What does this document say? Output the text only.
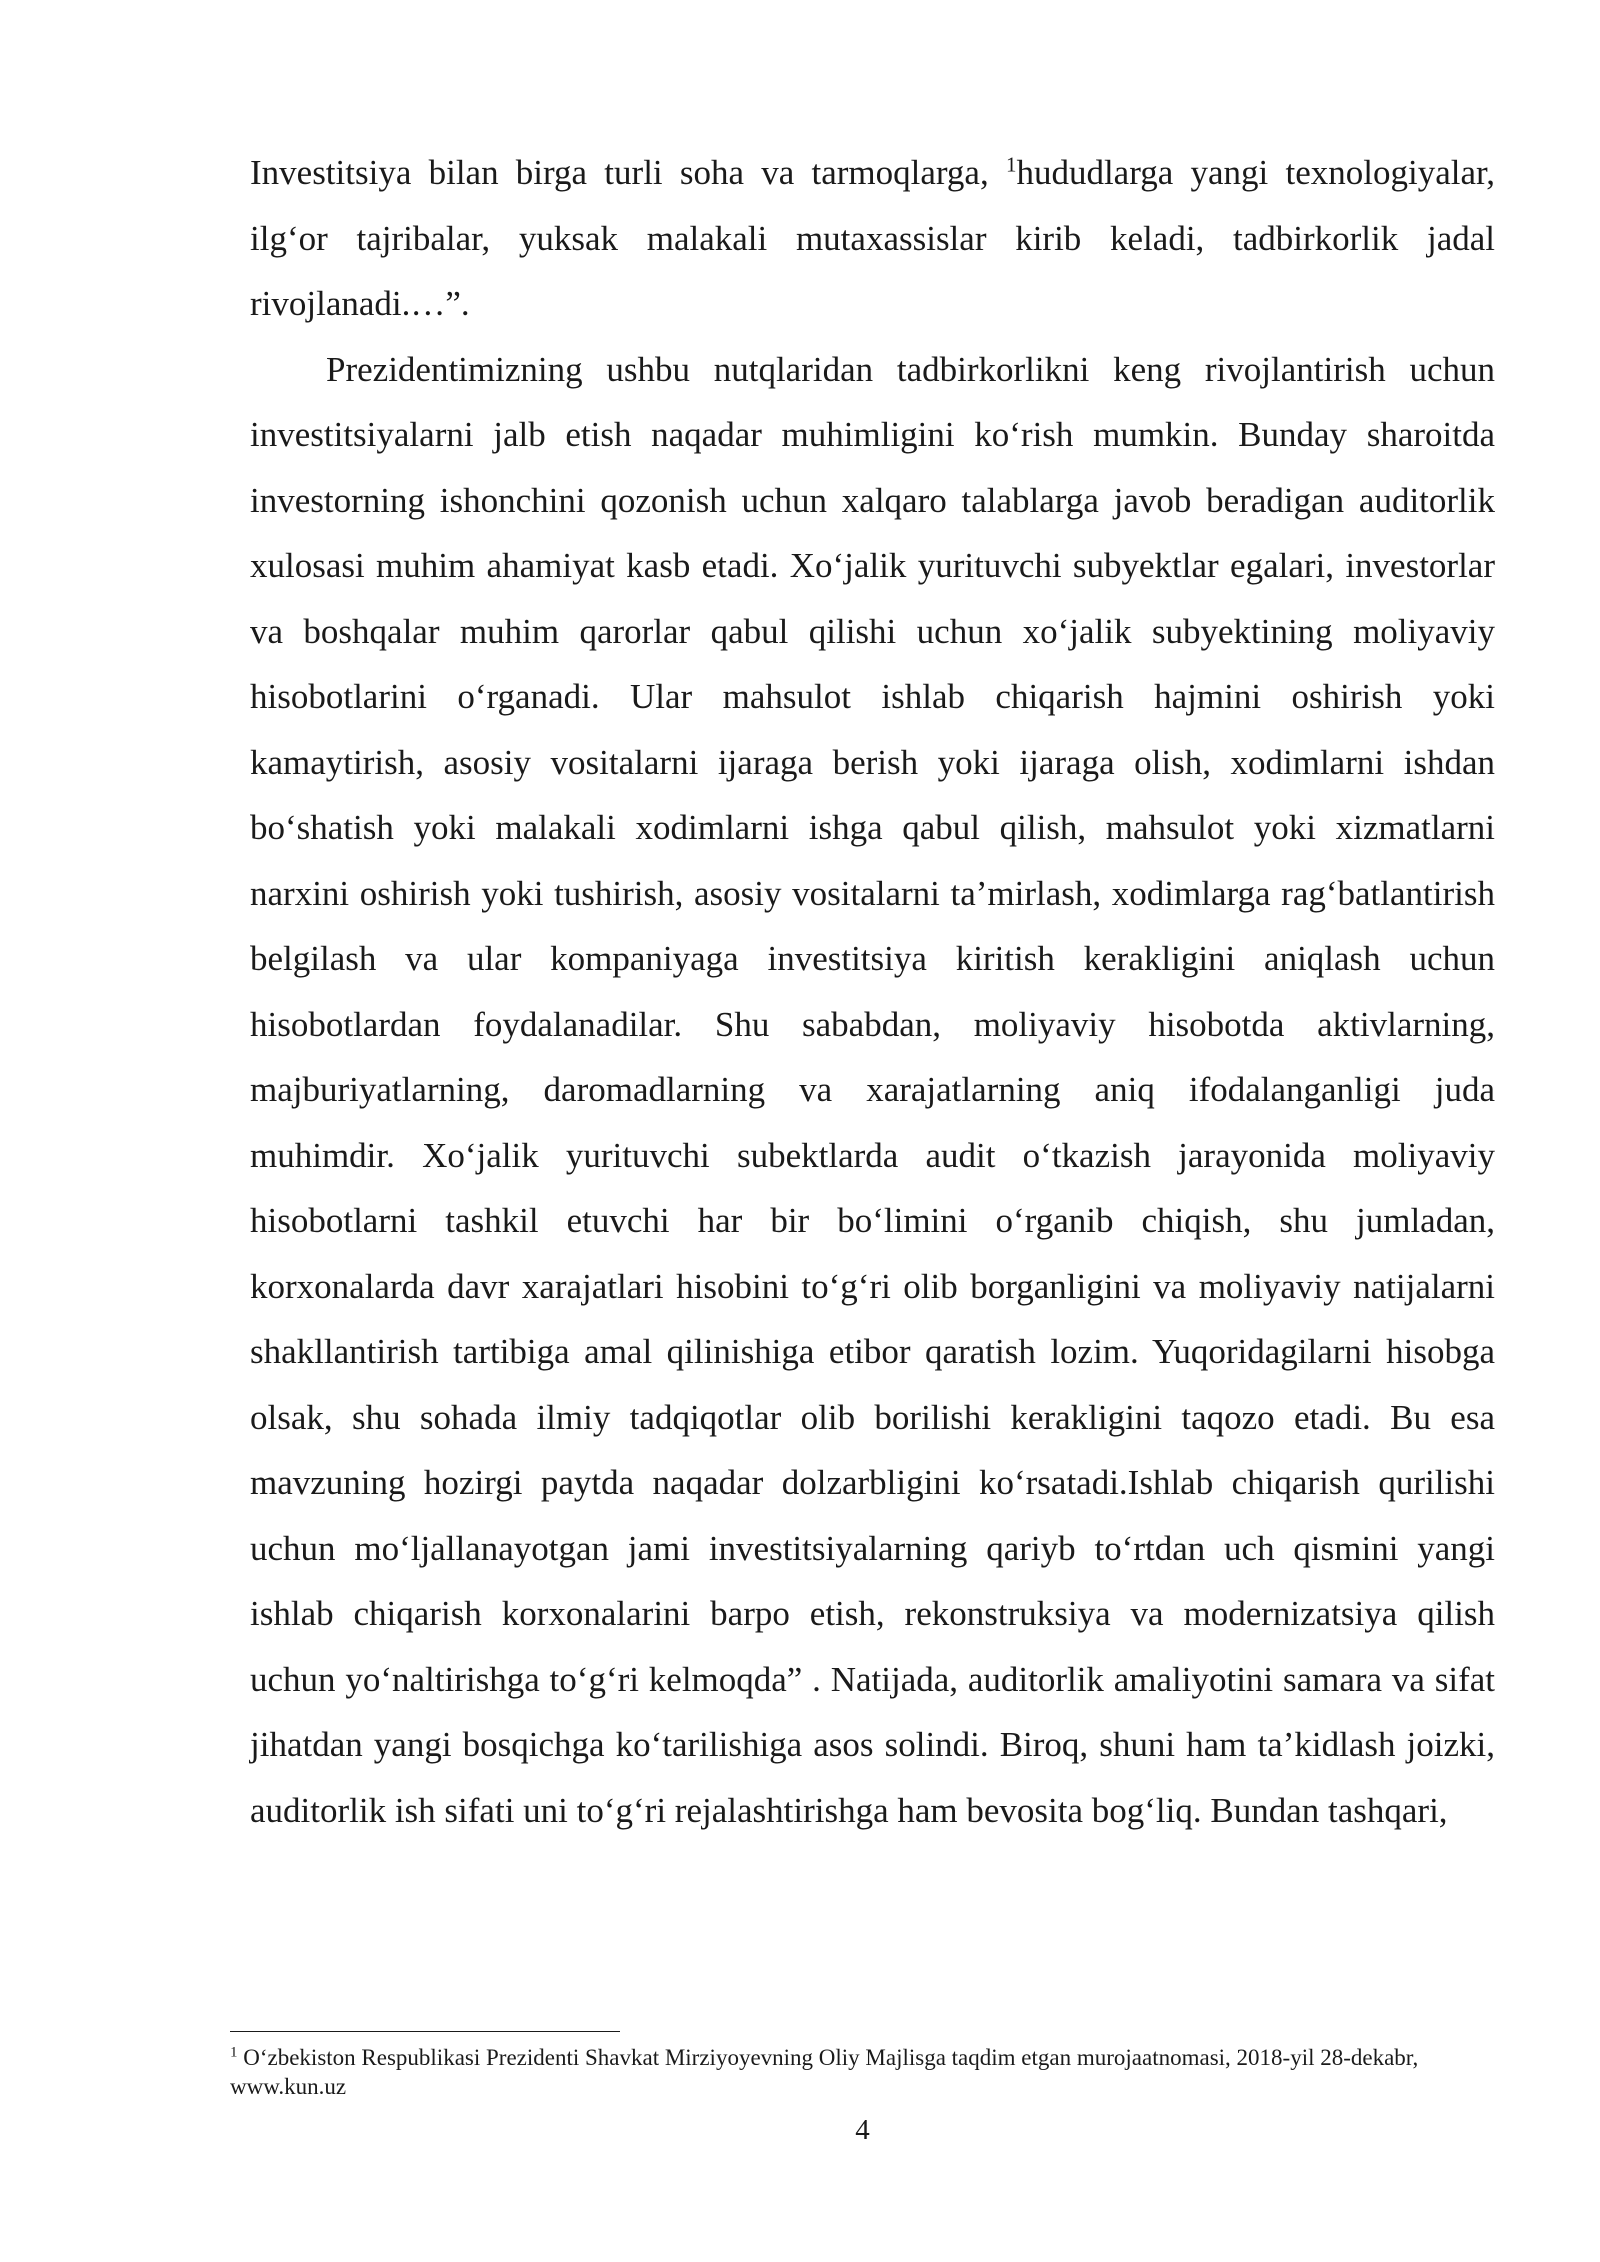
Investitsiya bilan birga turli soha va tarmoqlarga, $^1$hududlarga yangi texnologiyalar, ilg‘or tajribalar, yuksak malakali mutaxassislar kirib keladi, tadbirkorlik jadal rivojlanadi.…”.

Prezidentimizning ushbu nutqlaridan tadbirkorlikni keng rivojlantirish uchun investitsiyalarni jalb etish naqadar muhimligini ko‘rish mumkin. Bunday sharoitda investorning ishonchini qozonish uchun xalqaro talablarga javob beradigan auditorlik xulosasi muhim ahamiyat kasb etadi. Xo‘jalik yurituvchi subyektlar egalari, investorlar va boshqalar muhim qarorlar qabul qilishi uchun xo‘jalik subyektining moliyaviy hisobotlarini o‘rganadi. Ular mahsulot ishlab chiqarish hajmini oshirish yoki kamaytirish, asosiy vositalarni ijaraga berish yoki ijaraga olish, xodimlarni ishdan bo‘shatish yoki malakali xodimlarni ishga qabul qilish, mahsulot yoki xizmatlarni narxini oshirish yoki tushirish, asosiy vositalarni ta’mirlash, xodimlarga rag‘batlantirish belgilash va ular kompaniyaga investitsiya kiritish kerakligini aniqlash uchun hisobotlardan foydalanadilar. Shu sababdan, moliyaviy hisobotda aktivlarning, majburiyatlarning, daromadlarning va xarajatlarning aniq ifodalanganligi juda muhimdir. Xo‘jalik yurituvchi subektlarda audit o‘tkazish jarayonida moliyaviy hisobotlarni tashkil etuvchi har bir bo‘limini o‘rganib chiqish, shu jumladan, korxonalarda davr xarajatlari hisobini to‘g‘ri olib borganligini va moliyaviy natijalarni shakllantirish tartibiga amal qilinishiga etibor qaratish lozim. Yuqoridagilarni hisobga olsak, shu sohada ilmiy tadqiqotlar olib borilishi kerakligini taqozo etadi. Bu esa mavzuning hozirgi paytda naqadar dolzarbligini ko‘rsatadi.Ishlab chiqarish qurilishi uchun mo‘ljallanayotgan jami investitsiyalarning qariyb to‘rtdan uch qismini yangi ishlab chiqarish korxonalarini barpo etish, rekonstruksiya va modernizatsiya qilish uchun yo‘naltirishga to‘g‘ri kelmoqda” . Natijada, auditorlik amaliyotini samara va sifat jihatdan yangi bosqichga ko‘tarilishiga asos solindi. Biroq, shuni ham ta’kidlash joizki, auditorlik ish sifati uni to‘g‘ri rejalashtirishga ham bevosita bog‘liq. Bundan tashqari,

$^1$ O‘zbekiston Respublikasi Prezidenti Shavkat Mirziyoyevning Oliy Majlisga taqdim etgan murojaatnomasi, 2018-yil 28-dekabr, www.kun.uz
4
